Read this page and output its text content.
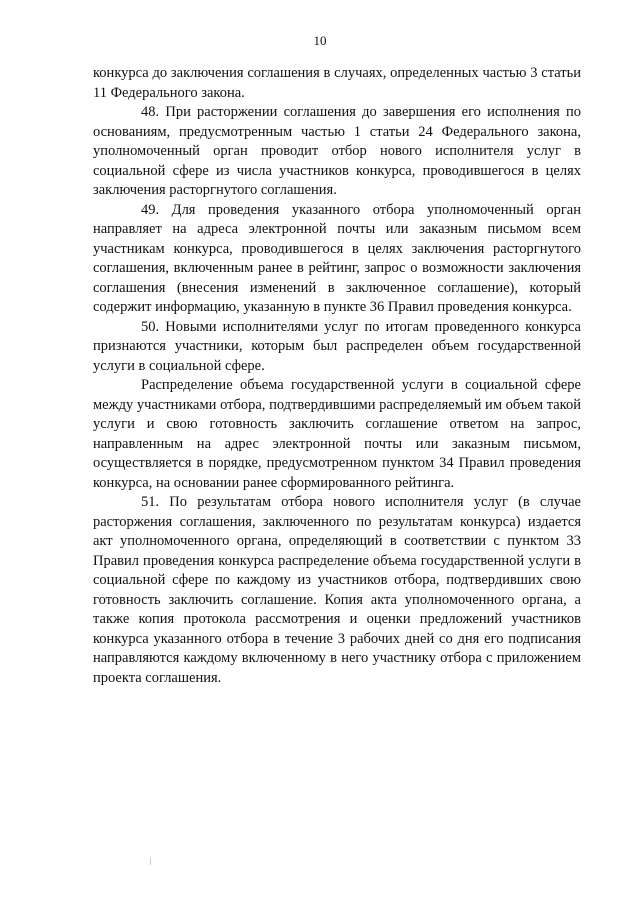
10

конкурса до заключения соглашения в случаях, определенных частью 3 статьи 11 Федерального закона.

48. При расторжении соглашения до завершения его исполнения по основаниям, предусмотренным частью 1 статьи 24 Федерального закона, уполномоченный орган проводит отбор нового исполнителя услуг в социальной сфере из числа участников конкурса, проводившегося в целях заключения расторгнутого соглашения.

49. Для проведения указанного отбора уполномоченный орган направляет на адреса электронной почты или заказным письмом всем участникам конкурса, проводившегося в целях заключения расторгнутого соглашения, включенным ранее в рейтинг, запрос о возможности заключения соглашения (внесения изменений в заключенное соглашение), который содержит информацию, указанную в пункте 36 Правил проведения конкурса.

50. Новыми исполнителями услуг по итогам проведенного конкурса признаются участники, которым был распределен объем государственной услуги в социальной сфере.

Распределение объема государственной услуги в социальной сфере между участниками отбора, подтвердившими распределяемый им объем такой услуги и свою готовность заключить соглашение ответом на запрос, направленным на адрес электронной почты или заказным письмом, осуществляется в порядке, предусмотренном пунктом 34 Правил проведения конкурса, на основании ранее сформированного рейтинга.

51. По результатам отбора нового исполнителя услуг (в случае расторжения соглашения, заключенного по результатам конкурса) издается акт уполномоченного органа, определяющий в соответствии с пунктом 33 Правил проведения конкурса распределение объема государственной услуги в социальной сфере по каждому из участников отбора, подтвердивших свою готовность заключить соглашение. Копия акта уполномоченного органа, а также копия протокола рассмотрения и оценки предложений участников конкурса указанного отбора в течение 3 рабочих дней со дня его подписания направляются каждому включенному в него участнику отбора с приложением проекта соглашения.
